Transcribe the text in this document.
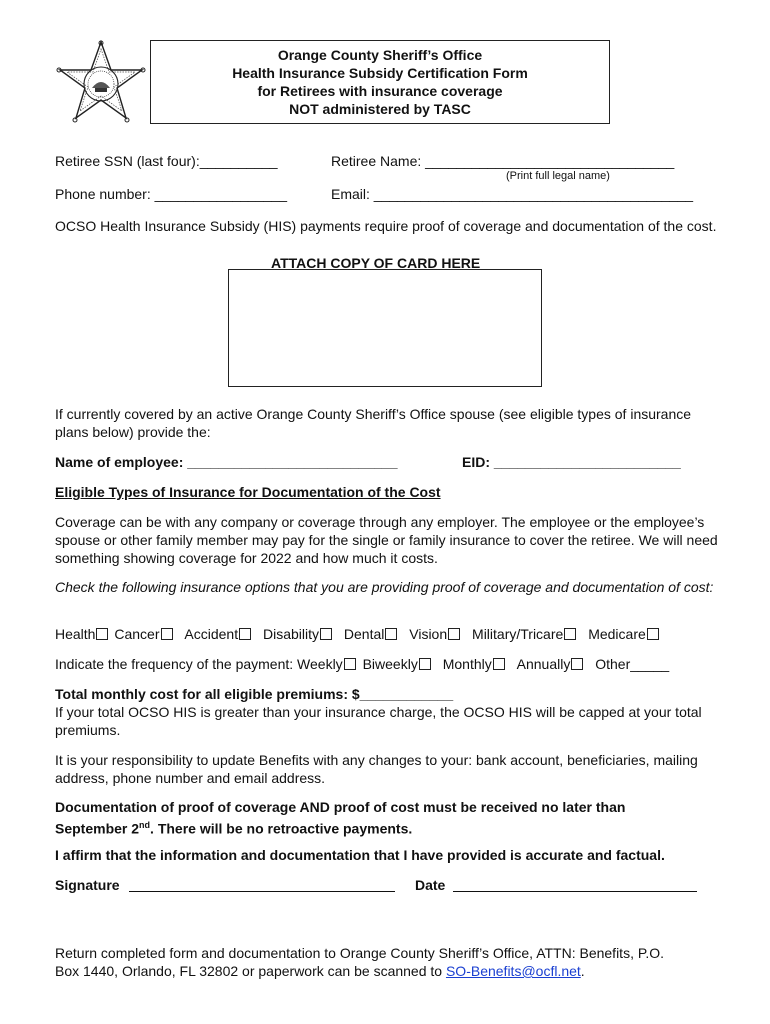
Orange County Sheriff’s Office
Health Insurance Subsidy Certification Form
for Retirees with insurance coverage
NOT administered by TASC
Retiree SSN (last four):__________	Retiree Name: ________________________________
(Print full legal name)
Phone number: _________________	Email: _________________________________________
OCSO Health Insurance Subsidy (HIS) payments require proof of coverage and documentation of the cost.
ATTACH COPY OF CARD HERE
If currently covered by an active Orange County Sheriff’s Office spouse (see eligible types of insurance plans below) provide the:
Name of employee: ___________________________	EID: ________________________
Eligible Types of Insurance for Documentation of the Cost
Coverage can be with any company or coverage through any employer. The employee or the employee’s spouse or other family member may pay for the single or family insurance to cover the retiree. We will need something showing coverage for 2022 and how much it costs.
Check the following insurance options that you are providing proof of coverage and documentation of cost:
Health Cancer Accident Disability Dental Vision Military/Tricare Medicare
Indicate the frequency of the payment: Weekly Biweekly Monthly Annually Other_____
Total monthly cost for all eligible premiums: $____________
If your total OCSO HIS is greater than your insurance charge, the OCSO HIS will be capped at your total premiums.
It is your responsibility to update Benefits with any changes to your: bank account, beneficiaries, mailing address, phone number and email address.
Documentation of proof of coverage AND proof of cost must be received no later than
September 2nd. There will be no retroactive payments.
I affirm that the information and documentation that I have provided is accurate and factual.
Signature	Date
Return completed form and documentation to Orange County Sheriff’s Office, ATTN: Benefits, P.O.
Box 1440, Orlando, FL 32802 or paperwork can be scanned to SO-Benefits@ocfl.net.
